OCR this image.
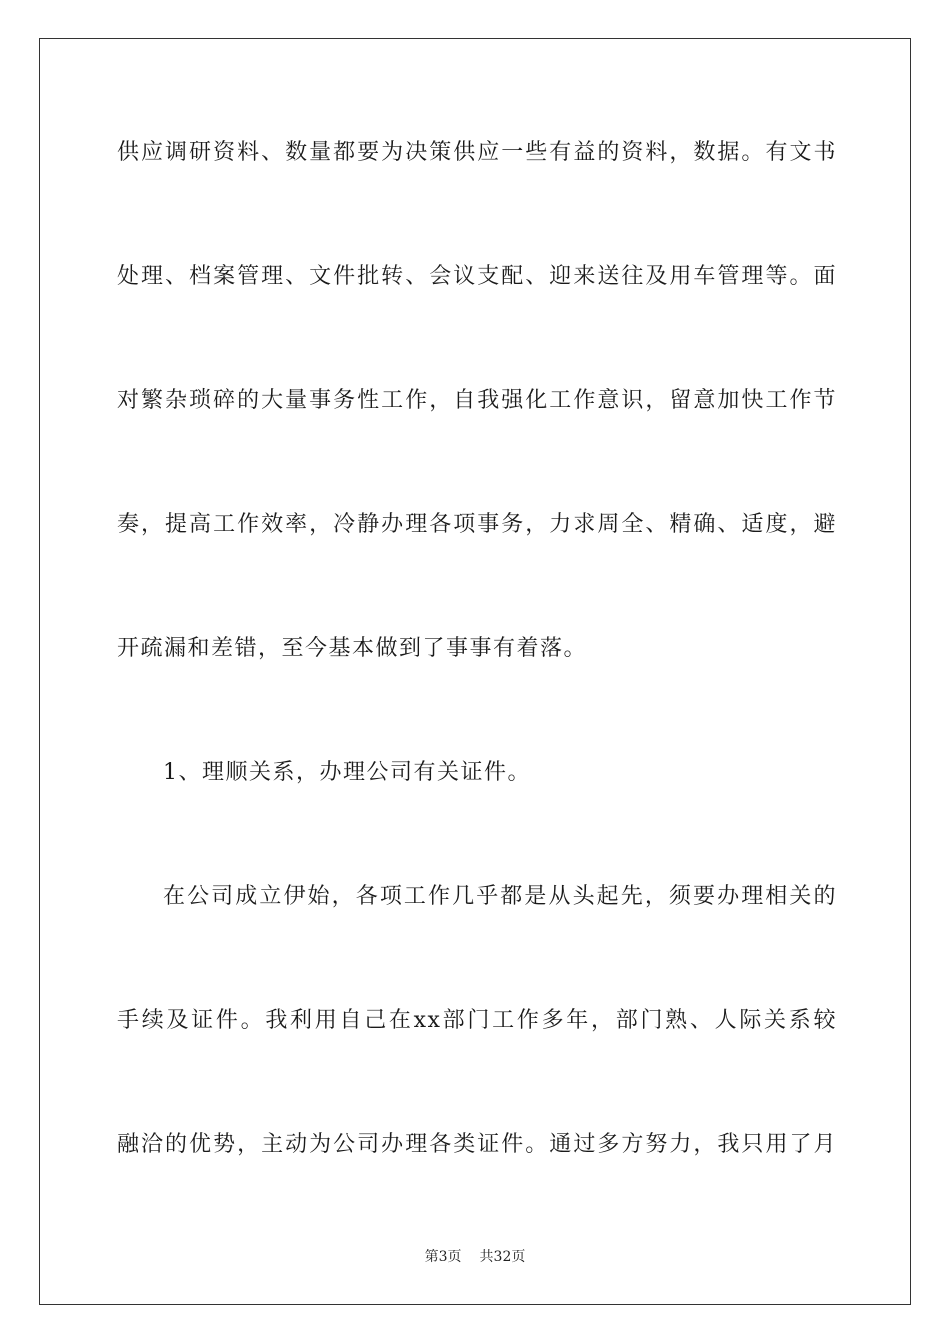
供应调研资料、数量都要为决策供应一些有益的资料，数据。有文书
处理、档案管理、文件批转、会议支配、迎来送往及用车管理等。面
对繁杂琐碎的大量事务性工作，自我强化工作意识，留意加快工作节
奏，提高工作效率，冷静办理各项事务，力求周全、精确、适度，避
开疏漏和差错，至今基本做到了事事有着落。
1、理顺关系，办理公司有关证件。
在公司成立伊始，各项工作几乎都是从头起先，须要办理相关的
手续及证件。我利用自己在xx部门工作多年，部门熟、人际关系较
融洽的优势，主动为公司办理各类证件。通过多方努力，我只用了月
第3页 共32页
